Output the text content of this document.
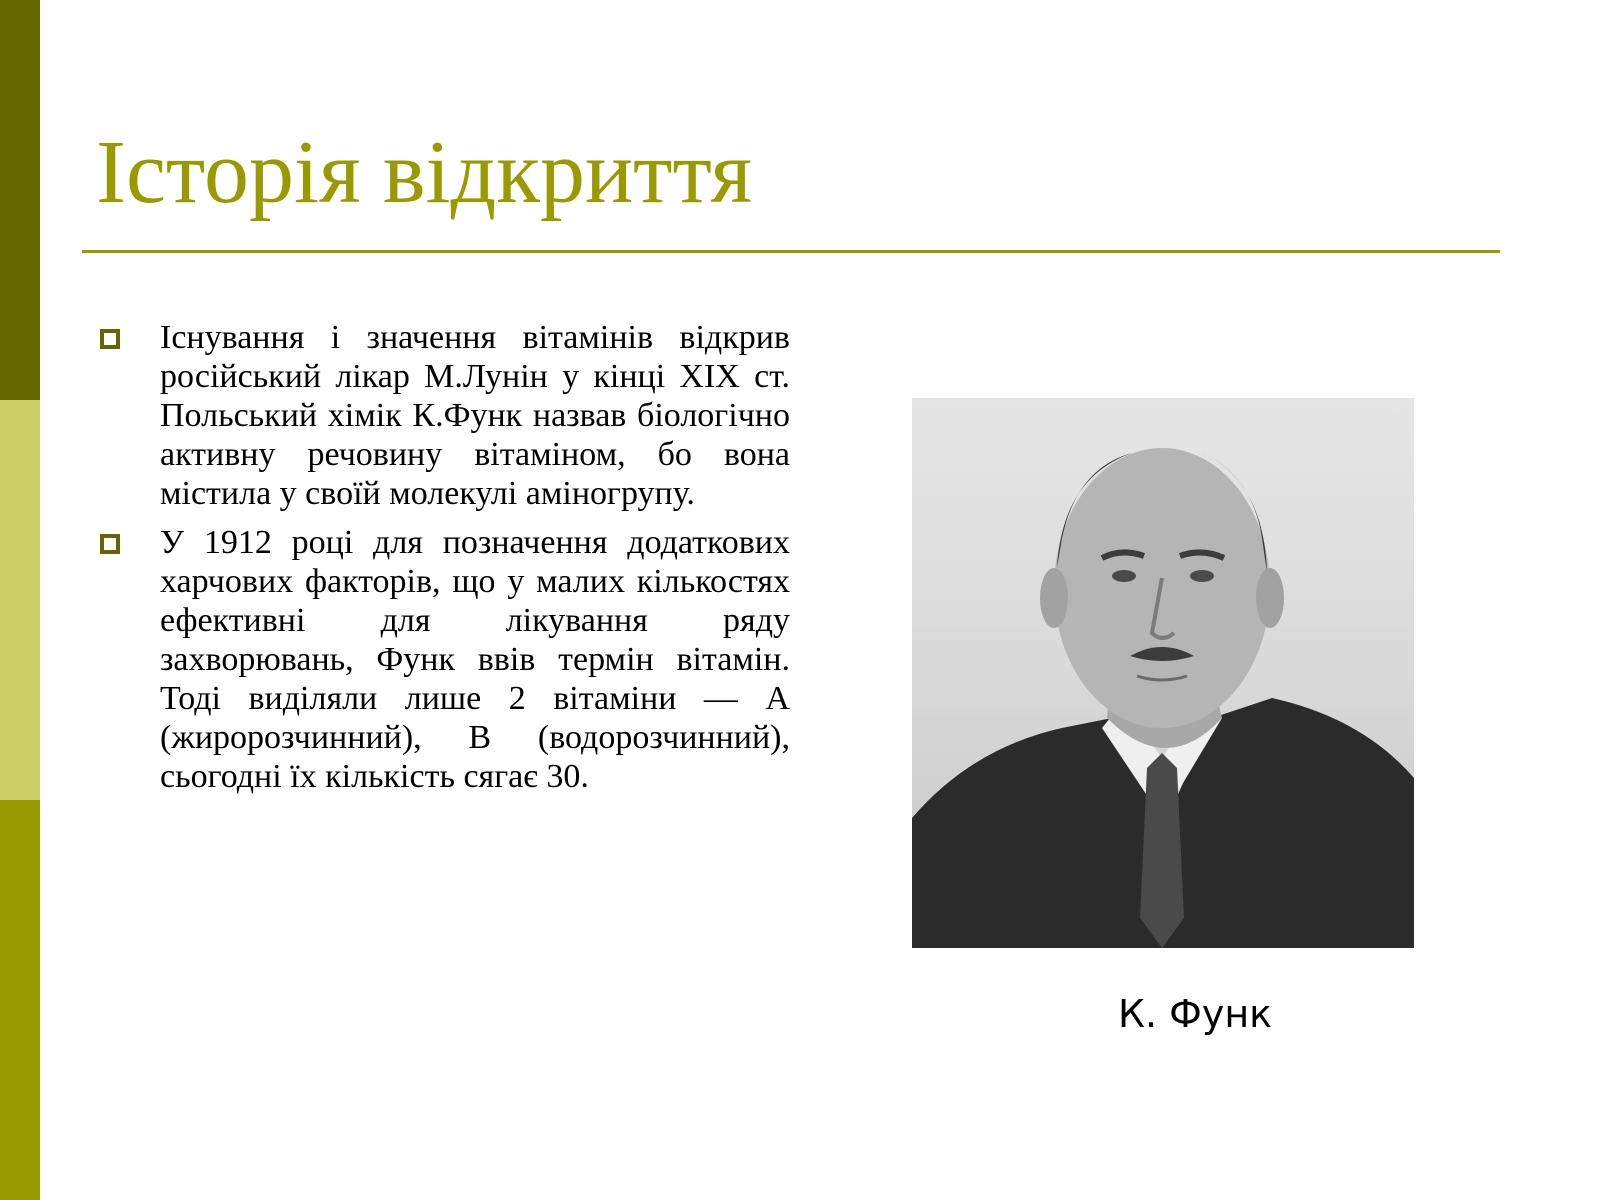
Історія відкриття

Існування і значення вітамінів відкрив російський лікар М.Лунін у кінці XIX ст. Польський хімік К.Функ назвав біологічно активну речовину вітаміном, бо вона містила у своїй молекулі аміногрупу.

У 1912 році для позначення додаткових харчових факторів, що у малих кількостях ефективні для лікування ряду захворювань, Функ ввів термін вітамін. Тоді виділяли лише 2 вітаміни — А (жиророзчинний), В (водорозчинний), сьогодні їх кількість сягає 30.

К. Функ
